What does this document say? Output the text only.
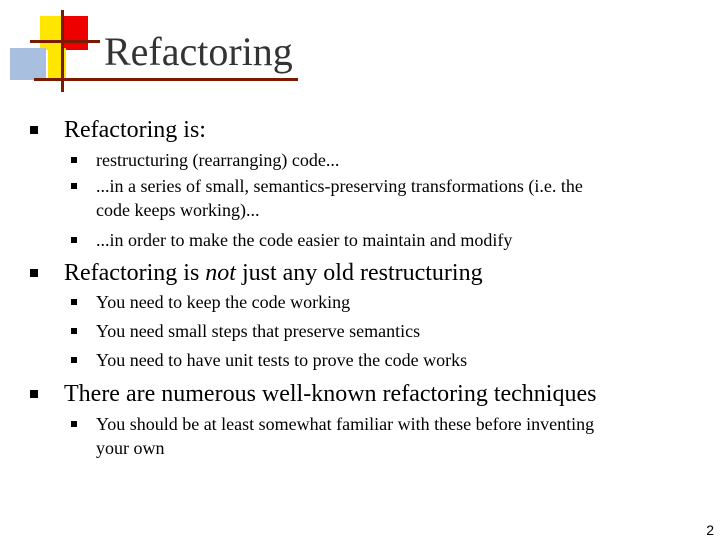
Refactoring
Refactoring is:
restructuring (rearranging) code...
...in a series of small, semantics-preserving transformations (i.e. the
code keeps working)...
...in order to make the code easier to maintain and modify
Refactoring is not just any old restructuring
You need to keep the code working
You need small steps that preserve semantics
You need to have unit tests to prove the code works
There are numerous well-known refactoring techniques
You should be at least somewhat familiar with these before inventing
your own
2
